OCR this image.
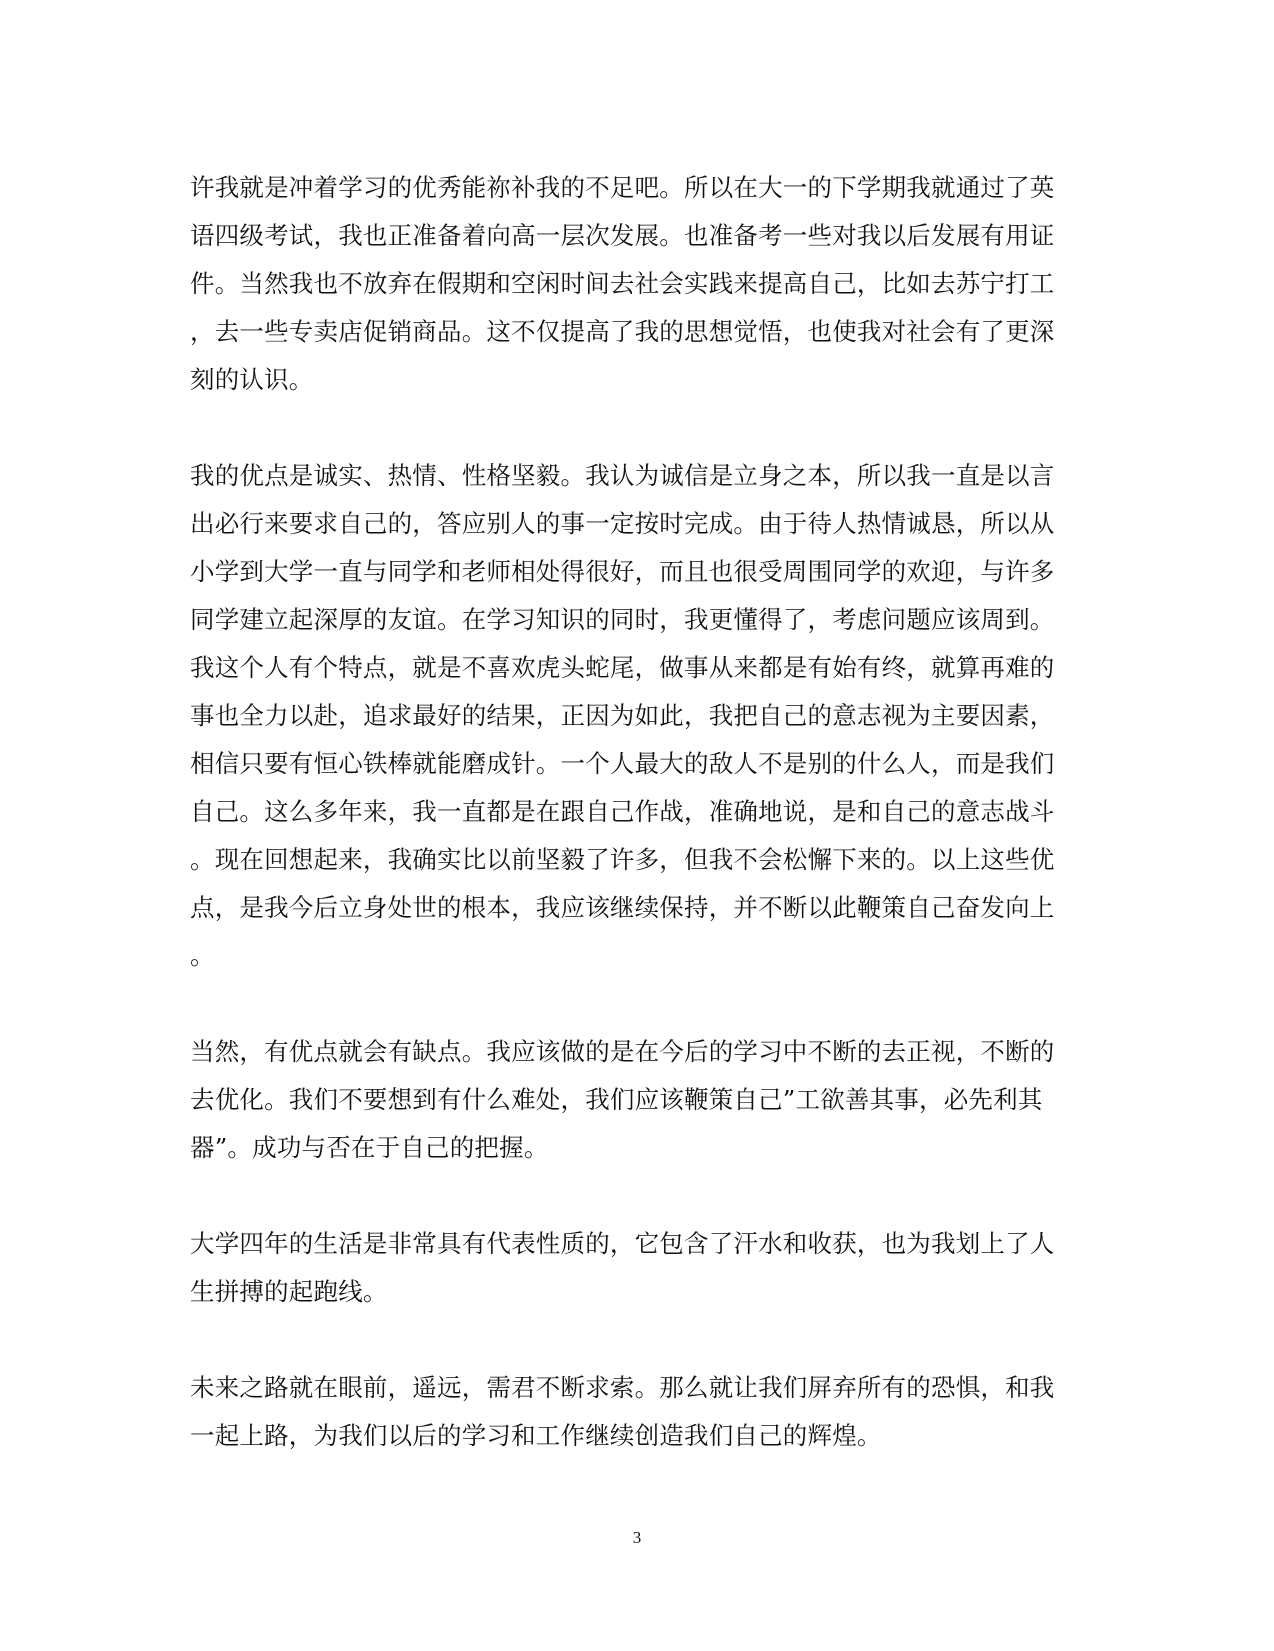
许我就是冲着学习的优秀能祢补我的不足吧。所以在大一的下学期我就通过了英
语四级考试，我也正准备着向高一层次发展。也准备考一些对我以后发展有用证
件。当然我也不放弃在假期和空闲时间去社会实践来提高自己，比如去苏宁打工
，去一些专卖店促销商品。这不仅提高了我的思想觉悟，也使我对社会有了更深
刻的认识。
我的优点是诚实、热情、性格坚毅。我认为诚信是立身之本，所以我一直是以言
出必行来要求自己的，答应别人的事一定按时完成。由于待人热情诚恳，所以从
小学到大学一直与同学和老师相处得很好，而且也很受周围同学的欢迎，与许多
同学建立起深厚的友谊。在学习知识的同时，我更懂得了，考虑问题应该周到。
我这个人有个特点，就是不喜欢虎头蛇尾，做事从来都是有始有终，就算再难的
事也全力以赴，追求最好的结果，正因为如此，我把自己的意志视为主要因素，
相信只要有恒心铁棒就能磨成针。一个人最大的敌人不是别的什么人，而是我们
自己。这么多年来，我一直都是在跟自己作战，准确地说，是和自己的意志战斗
。现在回想起来，我确实比以前坚毅了许多，但我不会松懈下来的。以上这些优
点，是我今后立身处世的根本，我应该继续保持，并不断以此鞭策自己奋发向上
。
当然，有优点就会有缺点。我应该做的是在今后的学习中不断的去正视，不断的
去优化。我们不要想到有什么难处，我们应该鞭策自己”工欲善其事，必先利其
器”。成功与否在于自己的把握。
大学四年的生活是非常具有代表性质的，它包含了汗水和收获，也为我划上了人
生拼搏的起跑线。
未来之路就在眼前，遥远，需君不断求索。那么就让我们屏弃所有的恐惧，和我
一起上路，为我们以后的学习和工作继续创造我们自己的辉煌。
3
